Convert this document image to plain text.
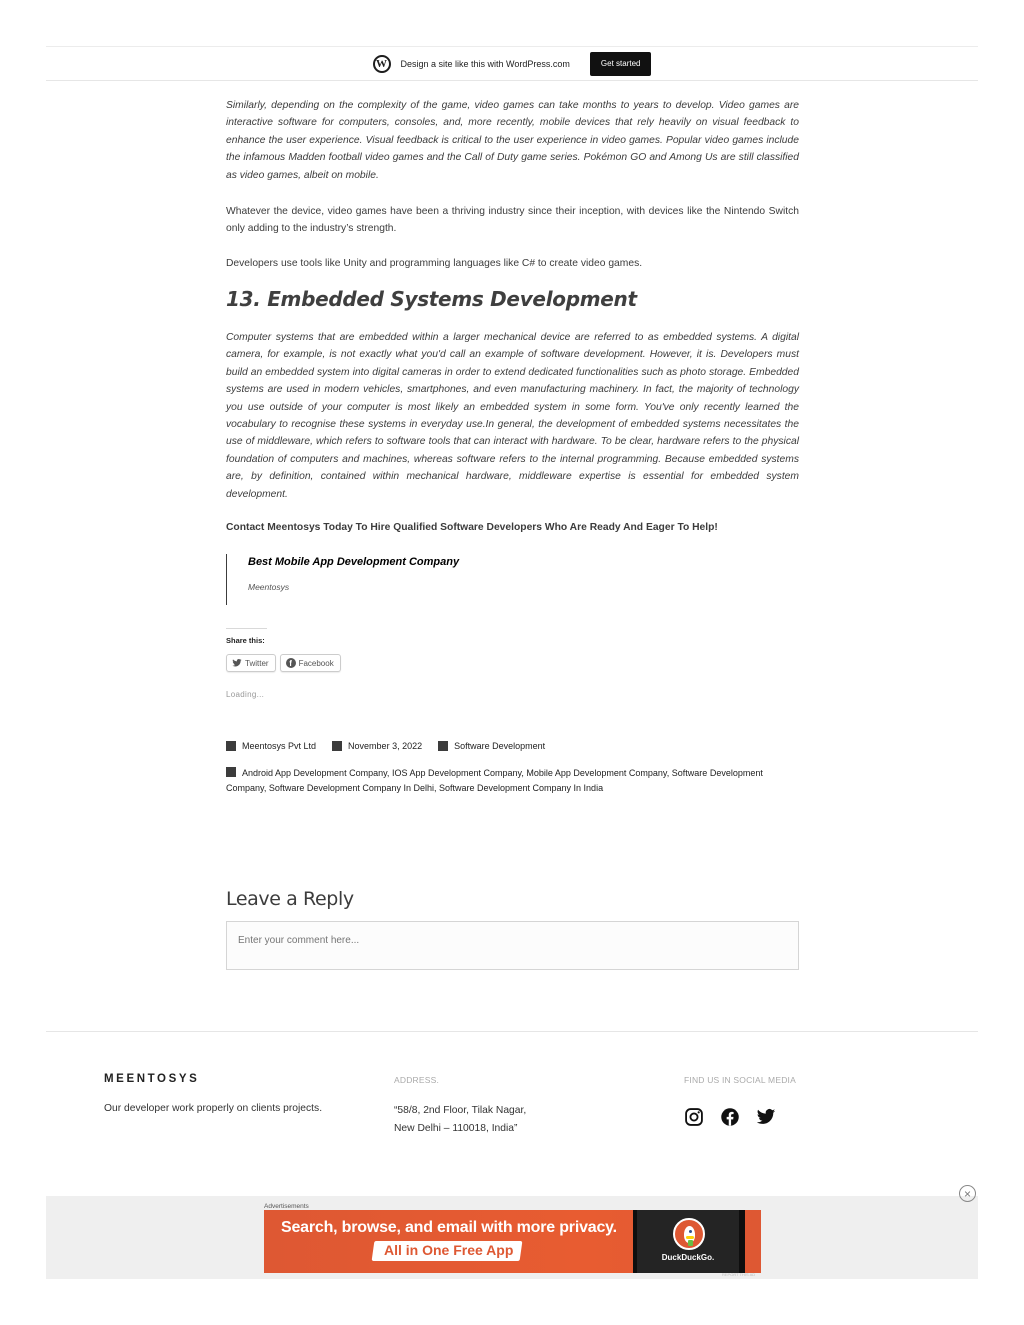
W	Design a site like this with WordPress.com	Get started

Similarly, depending on the complexity of the game, video games can take months to years to develop. Video games are interactive software for computers, consoles, and, more recently, mobile devices that rely heavily on visual feedback to enhance the user experience. Visual feedback is critical to the user experience in video games. Popular video games include the infamous Madden football video games and the Call of Duty game series. Pokémon GO and Among Us are still classified as video games, albeit on mobile.

Whatever the device, video games have been a thriving industry since their inception, with devices like the Nintendo Switch only adding to the industry’s strength.

Developers use tools like Unity and programming languages like C# to create video games.

13. Embedded Systems Development

Computer systems that are embedded within a larger mechanical device are referred to as embedded systems. A digital camera, for example, is not exactly what you'd call an example of software development. However, it is. Developers must build an embedded system into digital cameras in order to extend dedicated functionalities such as photo storage. Embedded systems are used in modern vehicles, smartphones, and even manufacturing machinery. In fact, the majority of technology you use outside of your computer is most likely an embedded system in some form. You've only recently learned the vocabulary to recognise these systems in everyday use.In general, the development of embedded systems necessitates the use of middleware, which refers to software tools that can interact with hardware. To be clear, hardware refers to the physical foundation of computers and machines, whereas software refers to the internal programming. Because embedded systems are, by definition, contained within mechanical hardware, middleware expertise is essential for embedded system development.

Contact Meentosys Today To Hire Qualified Software Developers Who Are Ready And Eager To Help!

Best Mobile App Development Company
Meentosys
Share this:
Twitter	f Facebook
Loading...
Meentosys Pvt Ltd	November 3, 2022	Software Development
Android App Development Company, IOS App Development Company, Mobile App Development Company, Software Development Company, Software Development Company In Delhi, Software Development Company In India
Leave a Reply
Enter your comment here...
MEENTOSYS
Our developer work properly on clients projects.
ADDRESS.
“58/8, 2nd Floor, Tilak Nagar,
New Delhi – 110018, India”
FIND US IN SOCIAL MEDIA
×
Advertisements
Search, browse, and email with more privacy.
All in One Free App	DuckDuckGo.
REPORT THIS AD
